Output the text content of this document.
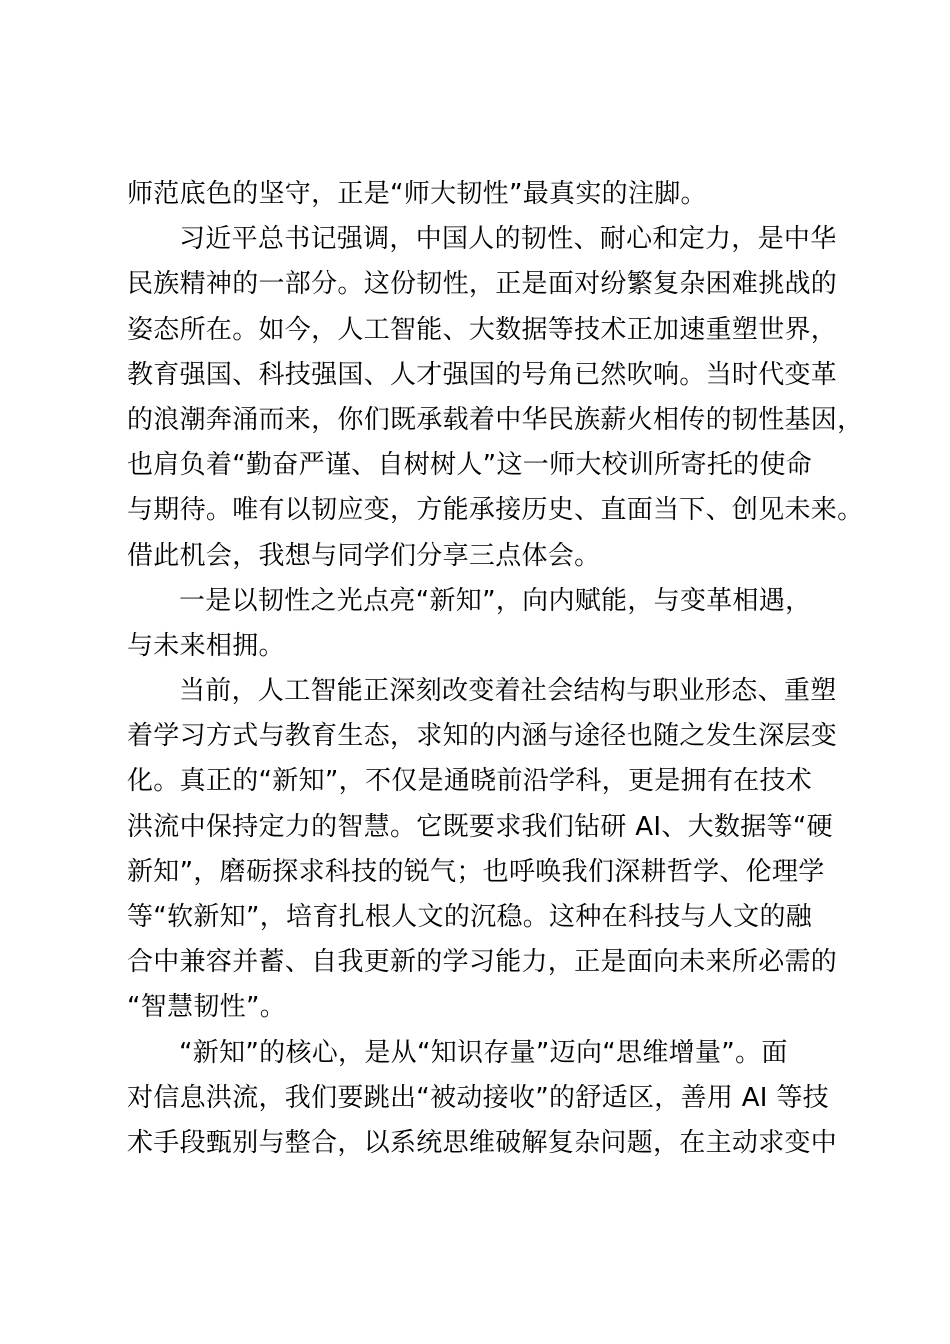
师范底色的坚守，正是“师大韧性”最真实的注脚。
习近平总书记强调，中国人的韧性、耐心和定力，是中华
民族精神的一部分。这份韧性，正是面对纷繁复杂困难挑战的
姿态所在。如今，人工智能、大数据等技术正加速重塑世界，
教育强国、科技强国、人才强国的号角已然吹响。当时代变革
的浪潮奔涌而来，你们既承载着中华民族薪火相传的韧性基因，
也肩负着“勤奋严谨、自树树人”这一师大校训所寄托的使命
与期待。唯有以韧应变，方能承接历史、直面当下、创见未来。
借此机会，我想与同学们分享三点体会。
一是以韧性之光点亮“新知”，向内赋能，与变革相遇，
与未来相拥。
当前，人工智能正深刻改变着社会结构与职业形态、重塑
着学习方式与教育生态，求知的内涵与途径也随之发生深层变
化。真正的“新知”，不仅是通晓前沿学科，更是拥有在技术
洪流中保持定力的智慧。它既要求我们钻研 AI、大数据等“硬
新知”，磨砺探求科技的锐气；也呼唤我们深耕哲学、伦理学
等“软新知”，培育扎根人文的沉稳。这种在科技与人文的融
合中兼容并蓄、自我更新的学习能力，正是面向未来所必需的
“智慧韧性”。
“新知”的核心，是从“知识存量”迈向“思维增量”。面
对信息洪流，我们要跳出“被动接收”的舒适区，善用 AI 等技
术手段甄别与整合，以系统思维破解复杂问题，在主动求变中
